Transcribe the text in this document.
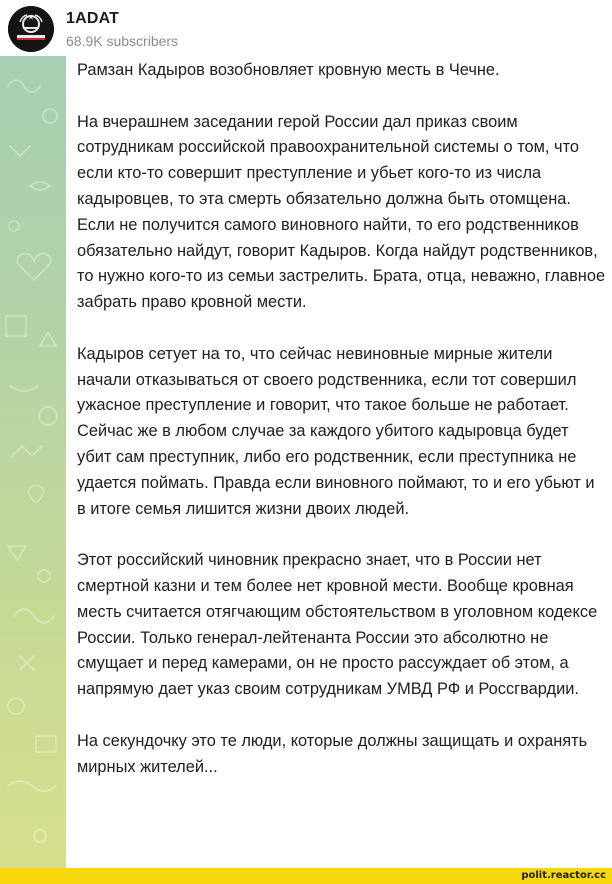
1ADAT
68.9K subscribers

Рамзан Кадыров возобновляет кровную месть в Чечне.

На вчерашнем заседании герой России дал приказ своим сотрудникам российской правоохранительной системы о том, что если кто-то совершит преступление и убьет кого-то из числа кадыровцев, то эта смерть обязательно должна быть отомщена. Если не получится самого виновного найти, то его родственников обязательно найдут, говорит Кадыров. Когда найдут родственников, то нужно кого-то из семьи застрелить. Брата, отца, неважно, главное забрать право кровной мести.

Кадыров сетует на то, что сейчас невиновные мирные жители начали отказываться от своего родственника, если тот совершил ужасное преступление и говорит, что такое больше не работает. Сейчас же в любом случае за каждого убитого кадыровца будет убит сам преступник, либо его родственник, если преступника не удается поймать. Правда если виновного поймают, то и его убьют и в итоге семья лишится жизни двоих людей.

Этот российский чиновник прекрасно знает, что в России нет смертной казни и тем более нет кровной мести. Вообще кровная месть считается отягчающим обстоятельством в уголовном кодексе России. Только генерал-лейтенанта России это абсолютно не смущает и перед камерами, он не просто рассуждает об этом, а напрямую дает указ своим сотрудникам УМВД РФ и Россгвардии.

На секундочку это те люди, которые должны защищать и охранять мирных жителей...

polit.reactor.cc
